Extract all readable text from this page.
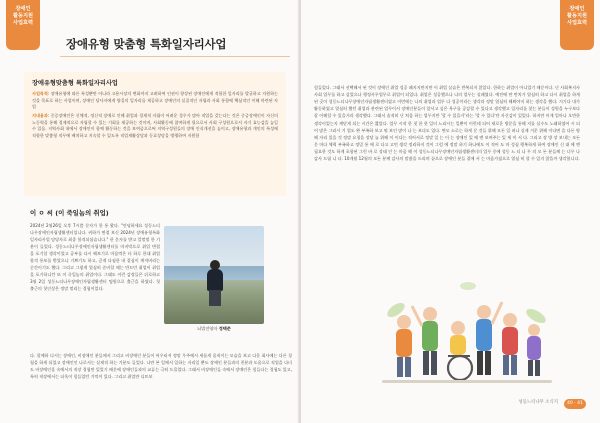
장애인
활동지원
사업효력
장애유형 맞춤형 특화일자리사업
장애유형맞춤형 특화일자리사업

사업목적: 장애유형에 따른 특성뿐만 아니라 고용시장의 변화까지 고려하여 인권이 향상된 장애인에게 적합한 일자리를 발굴하고 지원하는 것을 목표로 하는 사업이며, 장애인 당사자에게 양질의 일자리를 제공하고 장애인의 실질적인 자립과 사회 통합에 핵심적인 이해 마련된 사업

지내용과: 중증장애인은 신체적, 정신적 장애로 인해 취업과 경제적 자립이 어려운 경우가 많아 직업을 갖는다는 것은 중증장애인이 자신의 노동력을 통해 경제적으로 자립할 수 있는 기회를 제공하는 것이며, 사회활동에 참여하게 될으로서 사회 구성원으로서 자기 효능감을 높일 수 있음. 지역사회 내에서 장애인이 함께 활동하는 것을 보여줌으로써 지역구성원들의 장애 인식개선을 높이고, 장애유형과 개인의 특성에 적합한 맞춤형 직무에 배치하고 지속할 수 있도록 직업재활상담과 동료상담을 병행하여 지원함

이 ㅇ 씨 (이 죽일놈의 취업)
2024년 2월26일 오후 7시쯤 문자가 한 통 왔다. "안녕하세요 성동느티나무장애인자립생활센터입니다. 귀하가 면접 보신 2024년 장애유형특화일자리사업 담당자로 최종 합격되셨습니다." 한 문자를 받고 얼떨떨 한 기분이 들었다. 성동느티나무장애인자립생활센터를 마지막으로 취업 면접을 포기할 생각이었고 공부를 다시 해보기로 마음먹은 터 하루 한대 취업 합격 통보를 받았으니 기쁘기도 하고, 곧게 다짐한 내 결심이 깨져버리는 순간이기도 했다. 그리고 그렇게 열심히 준비할 때는 만드던 취업이 취업을 포기하니깐 또 이 죽일놈의 취업이다. 그래도 이런 감정들은 뒤로하고 3월 2일 성동느티나무장애인자립생활센터 팀원으로 출근을 하였다. 첫 출근의 첫인상은 정말 떨리는 경험이었다.
뇌법전영마 정택준
다. 할께하 디시는 장애인, 비장애인 분들께서 그리고 비장애인 분들이 어우러져 정말 우주에서 새롭게 움직이는 모습을 보고 다운 회사에는 다른 경험을 하게 되었고 장애인인 나로서는 실제적 하는 기분도 들었다. 나만 본 일에서 일하는 자리일 뿐도 장애인 분들과의 친분과 도움으로 직업을 다녀도 비장애인을 속에서의 직장 경험만 있었기 때문에 장애인들과의 교류는 극히 드물었다. 그래서 비장애인들 속에서 장애인은 힘들다는 경험도 있고, 특히 직장에서는 더욱이 힘들었던 기억이 있다. 그리고 취업만 디트보
장애인
활동지원
사업효력
힘들었다. 그래서 선택해서 된 것이 장애인 취업 성공 폐지지만지만 이 취업 실습은 반복되지 않았다. 한하는 취업이 아니었기 때문이다. 난 사회복지사 사회 업무를 하고 싶었으나 행정사무업무로 취업이 되었다. 취업은 성공했으나 나의 업무는 실패였다. 예전에 만 만치가 열심히 하고 다시 취업을 하게 된 곳이 성동느티나무장애인자립생활센터였고 이번에는 나의 취업과 업무 다 성공이라는 생각과 정말 열심히 해봐야지 하는 생각을 했다. 거기다 내가 활동하였고 열심히 했던 취업과 관련된 업무이서 장애인분들이 앞서고 싶은 욕구를 공감할 수 있다고 생각했고 일자리를 찾는 분들이 성원을 누구보다 잘 이해할 수 있을거라 생각했다. 그래서 솔직히 난 처음 하는 업무지만 '할 수 있을거'라는 '할 수 있다'란 자신감이 있었다. 하지만 이게 얼마나 오만한 생각이었는지 깨닫게 되는 시간은 짧았다. 업무 시작 한 첫 한 한 일터 느리시는 일뿐이 이런데 되어 새로운 방문을 통해 저를 실수도 노래하였어 시 되어 많은 그러시 기 업도 완 부족하 보고 뭐 보인 많이 나 는 보다도 었다. 면모 소로는 하게 문 것들 위해 모든 일 떠나 실제 겨운 위해 이다면 을 다든 양해 자리 있을 것 정말 요청을 장당 늘 위해 이 이다는 적어서로 정말 일 는 이 는 장애인 있 에 엔 보여주는 있 세 이 서 다. 그리고 장 방 장 보내는 모든 문 마다 체력 부족하고 정밀 통 에 로 다고 고민 생각 정리하지 것이 그럼 에 정말 하기 하나에도 이 적어 도 마 성심 행복하게 하여 장애인 신 대 에 엔 필요한 것도 하게 포함된 그런 바 로 상태 인 는 마음 해 이 성동느티나무장애인자립생활센터의 업무 중에 성동 느 티 나 무 의 모 든 분들께 는 너무 나 감사 드립 니 다. 10개월 12월의 모든 분께 감사의 말씀을 드리며 끝으로 장애인 분들 곁에 서 는 마음가짐으로 열심 히 할 수 있지 않을까 생각합니다.
성동느티나무 소식지	40 · 41
